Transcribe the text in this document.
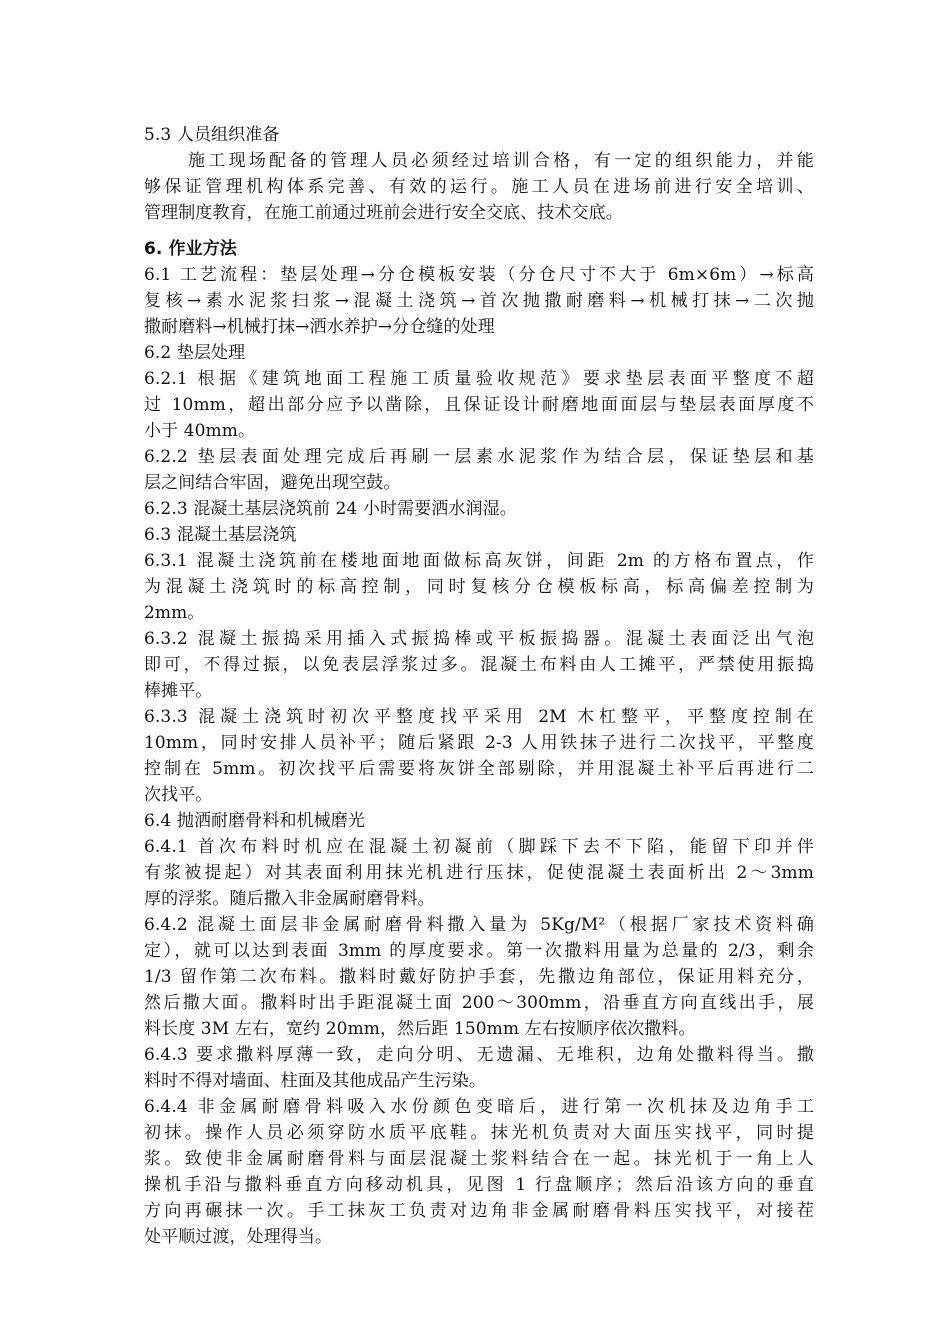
5.3 人员组织准备
施工现场配备的管理人员必须经过培训合格，有一定的组织能力，并能
够保证管理机构体系完善、有效的运行。施工人员在进场前进行安全培训、
管理制度教育，在施工前通过班前会进行安全交底、技术交底。
6. 作业方法
6.1 工艺流程：垫层处理→分仓模板安装（分仓尺寸不大于 6m×6m）→标高
复核→素水泥浆扫浆→混凝土浇筑→首次抛撒耐磨料→机械打抹→二次抛
撒耐磨料→机械打抹→洒水养护→分仓缝的处理
6.2 垫层处理
6.2.1 根据《建筑地面工程施工质量验收规范》要求垫层表面平整度不超
过 10mm，超出部分应予以凿除，且保证设计耐磨地面面层与垫层表面厚度不
小于 40mm。
6.2.2 垫层表面处理完成后再刷一层素水泥浆作为结合层，保证垫层和基
层之间结合牢固，避免出现空鼓。
6.2.3 混凝土基层浇筑前 24 小时需要洒水润湿。
6.3 混凝土基层浇筑
6.3.1 混凝土浇筑前在楼地面地面做标高灰饼，间距 2m 的方格布置点，作
为混凝土浇筑时的标高控制，同时复核分仓模板标高，标高偏差控制为
2mm。
6.3.2 混凝土振捣采用插入式振捣棒或平板振捣器。混凝土表面泛出气泡
即可，不得过振，以免表层浮浆过多。混凝土布料由人工摊平，严禁使用振捣
棒摊平。
6.3.3 混凝土浇筑时初次平整度找平采用 2M 木杠整平，平整度控制在
10mm，同时安排人员补平；随后紧跟 2-3 人用铁抹子进行二次找平，平整度
控制在 5mm。初次找平后需要将灰饼全部剔除，并用混凝土补平后再进行二
次找平。
6.4 抛洒耐磨骨料和机械磨光
6.4.1 首次布料时机应在混凝土初凝前（脚踩下去不下陷，能留下印并伴
有浆被提起）对其表面利用抹光机进行压抹，促使混凝土表面析出 2～3mm
厚的浮浆。随后撒入非金属耐磨骨料。
6.4.2 混凝土面层非金属耐磨骨料撒入量为 5Kg/M²（根据厂家技术资料确
定），就可以达到表面 3mm 的厚度要求。第一次撒料用量为总量的 2/3，剩余
1/3 留作第二次布料。撒料时戴好防护手套，先撒边角部位，保证用料充分，
然后撒大面。撒料时出手距混凝土面 200～300mm，沿垂直方向直线出手，展
料长度 3M 左右，宽约 20mm，然后距 150mm 左右按顺序依次撒料。
6.4.3 要求撒料厚薄一致，走向分明、无遗漏、无堆积，边角处撒料得当。撒
料时不得对墙面、柱面及其他成品产生污染。
6.4.4 非金属耐磨骨料吸入水份颜色变暗后，进行第一次机抹及边角手工
初抹。操作人员必须穿防水质平底鞋。抹光机负责对大面压实找平，同时提
浆。致使非金属耐磨骨料与面层混凝土浆料结合在一起。抹光机于一角上人
操机手沿与撒料垂直方向移动机具，见图 1 行盘顺序；然后沿该方向的垂直
方向再碾抹一次。手工抹灰工负责对边角非金属耐磨骨料压实找平，对接茬
处平顺过渡，处理得当。
